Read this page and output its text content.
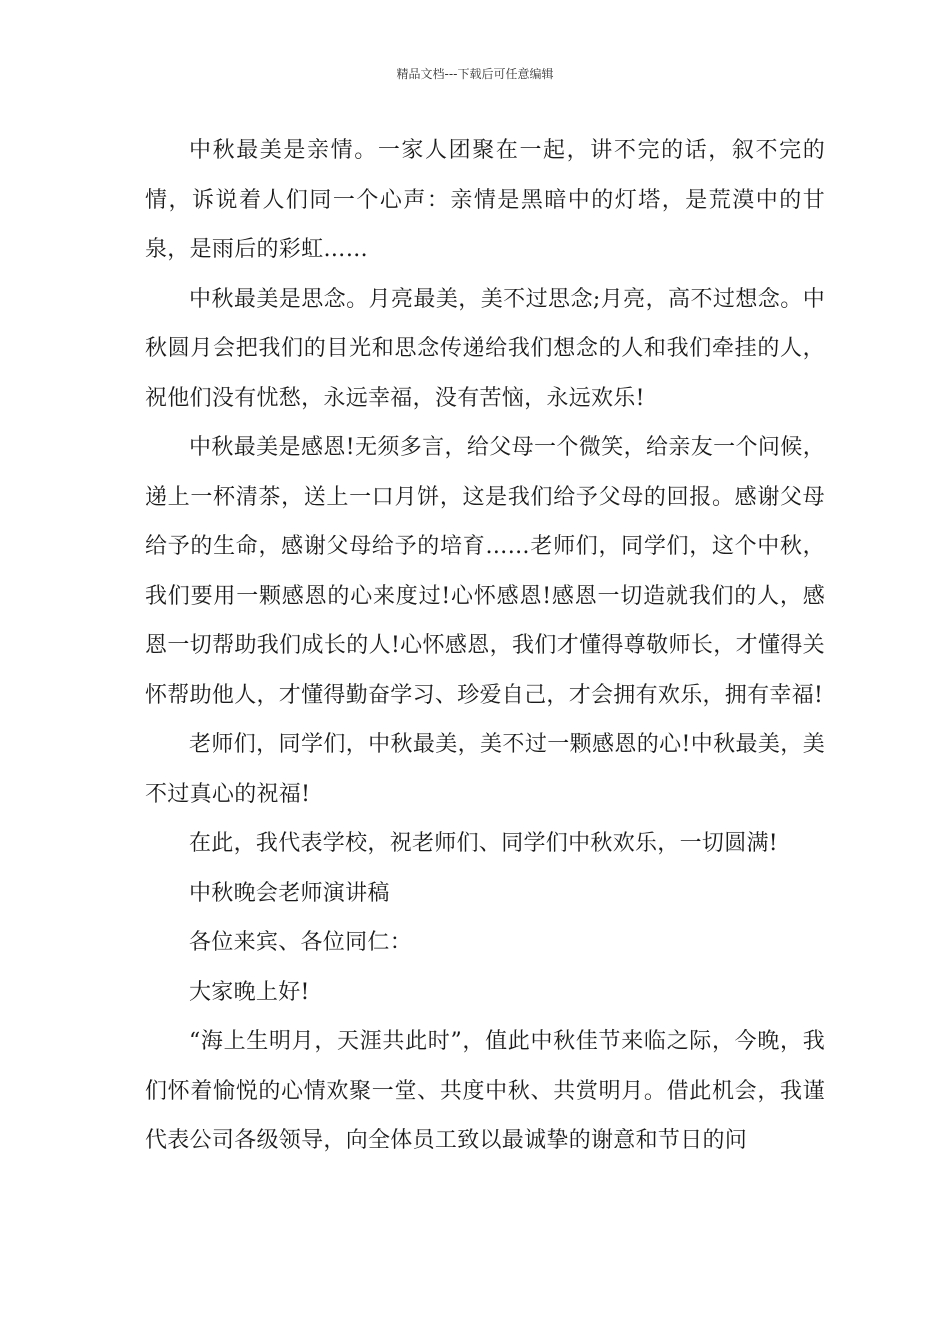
精品文档---下载后可任意编辑

中秋最美是亲情。一家人团聚在一起，讲不完的话，叙不完的情，诉说着人们同一个心声：亲情是黑暗中的灯塔，是荒漠中的甘泉，是雨后的彩虹……

中秋最美是思念。月亮最美，美不过思念;月亮，高不过想念。中秋圆月会把我们的目光和思念传递给我们想念的人和我们牵挂的人，祝他们没有忧愁，永远幸福，没有苦恼，永远欢乐!

中秋最美是感恩!无须多言，给父母一个微笑，给亲友一个问候，递上一杯清茶，送上一口月饼，这是我们给予父母的回报。感谢父母给予的生命，感谢父母给予的培育……老师们，同学们，这个中秋，我们要用一颗感恩的心来度过!心怀感恩!感恩一切造就我们的人，感恩一切帮助我们成长的人!心怀感恩，我们才懂得尊敬师长，才懂得关怀帮助他人，才懂得勤奋学习、珍爱自己，才会拥有欢乐，拥有幸福!

老师们，同学们，中秋最美，美不过一颗感恩的心!中秋最美，美不过真心的祝福!

在此，我代表学校，祝老师们、同学们中秋欢乐，一切圆满!

中秋晚会老师演讲稿

各位来宾、各位同仁：

大家晚上好!

“海上生明月，天涯共此时”，值此中秋佳节来临之际，今晚，我们怀着愉悦的心情欢聚一堂、共度中秋、共赏明月。借此机会，我谨代表公司各级领导，向全体员工致以最诚挚的谢意和节日的问
